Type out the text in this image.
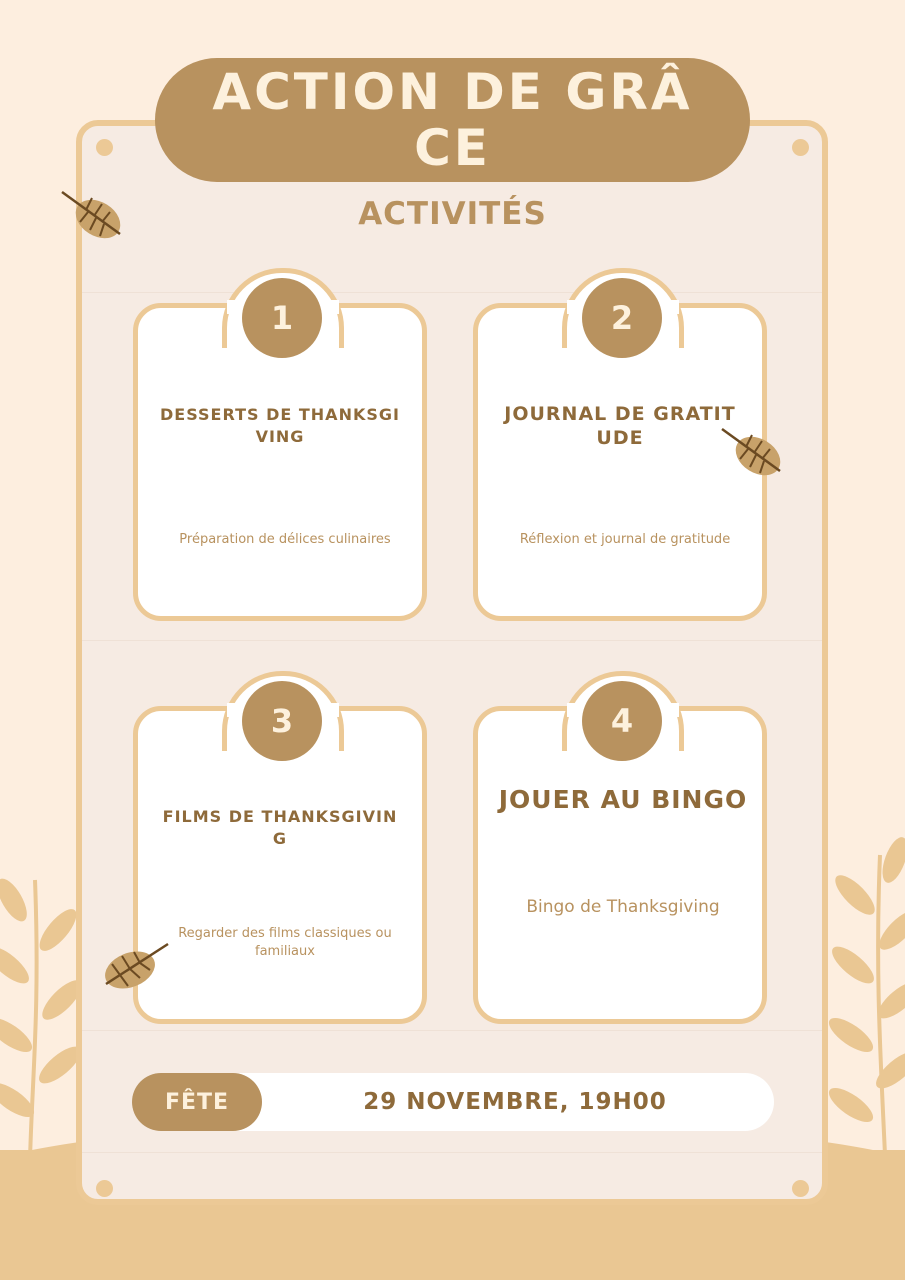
ACTION DE GRÂCE
ACTIVITÉS
1
DESSERTS DE THANKSGIVING
Préparation de délices culinaires
2
JOURNAL DE GRATITUDE
Réflexion et journal de gratitude
3
FILMS DE THANKSGIVING
Regarder des films classiques ou familiaux
4
JOUER AU BINGO
Bingo de Thanksgiving
FÊTE	29 NOVEMBRE, 19H00
